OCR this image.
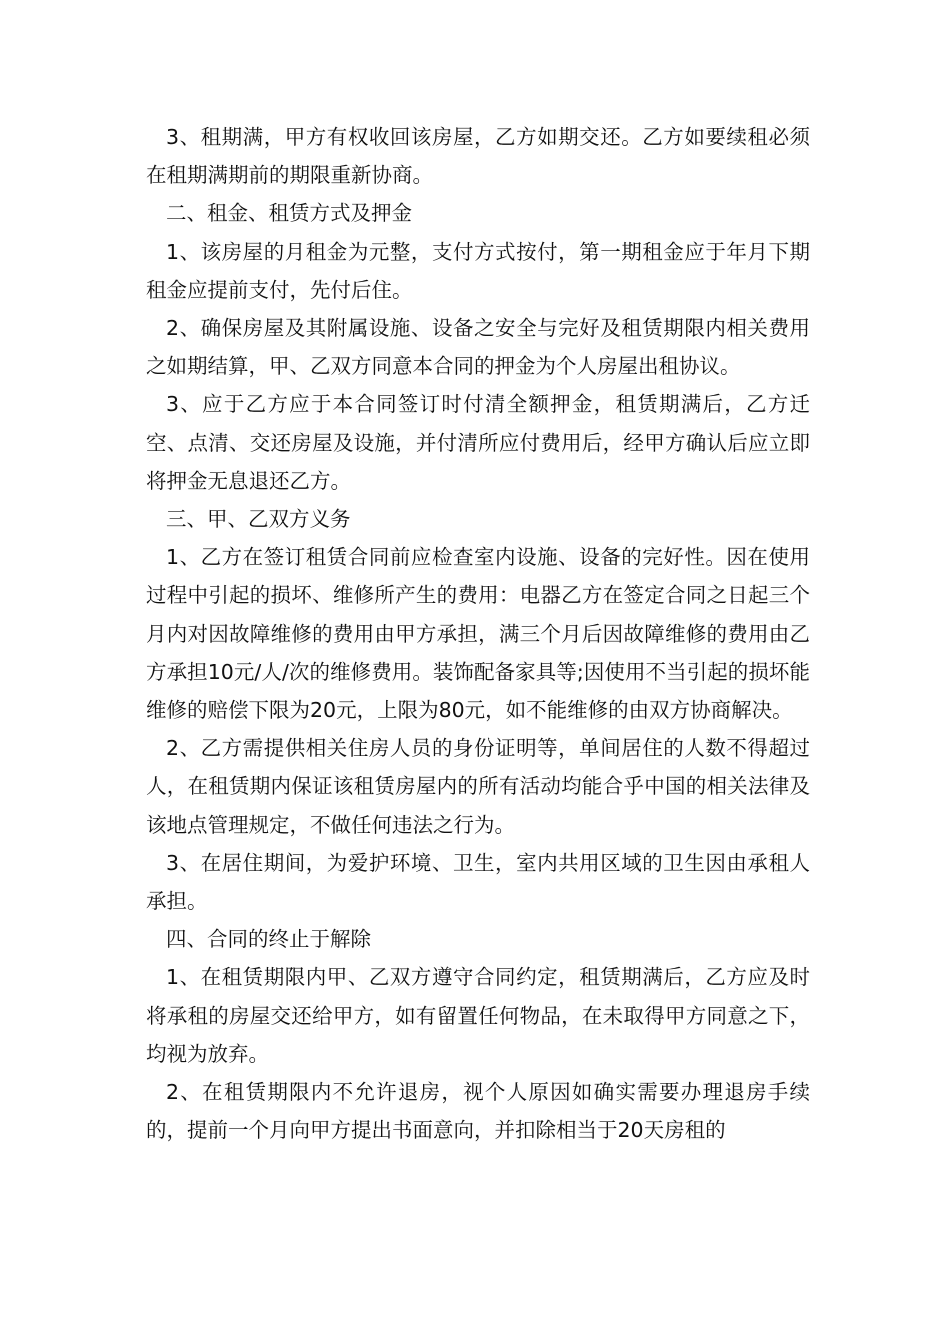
3、租期满，甲方有权收回该房屋，乙方如期交还。乙方如要续租必须在租期满期前的期限重新协商。

二、租金、租赁方式及押金

1、该房屋的月租金为元整，支付方式按付，第一期租金应于年月下期租金应提前支付，先付后住。

2、确保房屋及其附属设施、设备之安全与完好及租赁期限内相关费用之如期结算，甲、乙双方同意本合同的押金为个人房屋出租协议。

3、应于乙方应于本合同签订时付清全额押金，租赁期满后，乙方迁空、点清、交还房屋及设施，并付清所应付费用后，经甲方确认后应立即将押金无息退还乙方。

三、甲、乙双方义务

1、乙方在签订租赁合同前应检查室内设施、设备的完好性。因在使用过程中引起的损坏、维修所产生的费用：电器乙方在签定合同之日起三个月内对因故障维修的费用由甲方承担，满三个月后因故障维修的费用由乙方承担10元/人/次的维修费用。装饰配备家具等;因使用不当引起的损坏能维修的赔偿下限为20元，上限为80元，如不能维修的由双方协商解决。

2、乙方需提供相关住房人员的身份证明等，单间居住的人数不得超过人，在租赁期内保证该租赁房屋内的所有活动均能合乎中国的相关法律及该地点管理规定，不做任何违法之行为。

3、在居住期间，为爱护环境、卫生，室内共用区域的卫生因由承租人承担。

四、合同的终止于解除

1、在租赁期限内甲、乙双方遵守合同约定，租赁期满后，乙方应及时将承租的房屋交还给甲方，如有留置任何物品，在未取得甲方同意之下，均视为放弃。

2、在租赁期限内不允许退房，视个人原因如确实需要办理退房手续的，提前一个月向甲方提出书面意向，并扣除相当于20天房租的
